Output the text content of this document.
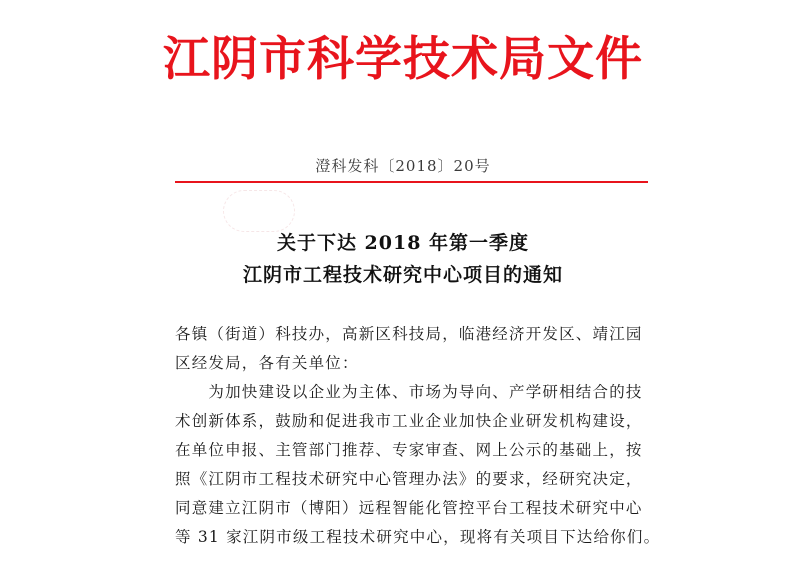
江阴市科学技术局文件
澄科发科〔2018〕20号
关于下达 2018 年第一季度
江阴市工程技术研究中心项目的通知
各镇（街道）科技办，高新区科技局，临港经济开发区、靖江园
区经发局，各有关单位：
　　为加快建设以企业为主体、市场为导向、产学研相结合的技
术创新体系，鼓励和促进我市工业企业加快企业研发机构建设，
在单位申报、主管部门推荐、专家审查、网上公示的基础上，按
照《江阴市工程技术研究中心管理办法》的要求，经研究决定，
同意建立江阴市（博阳）远程智能化管控平台工程技术研究中心
等 31 家江阴市级工程技术研究中心，现将有关项目下达给你们。
